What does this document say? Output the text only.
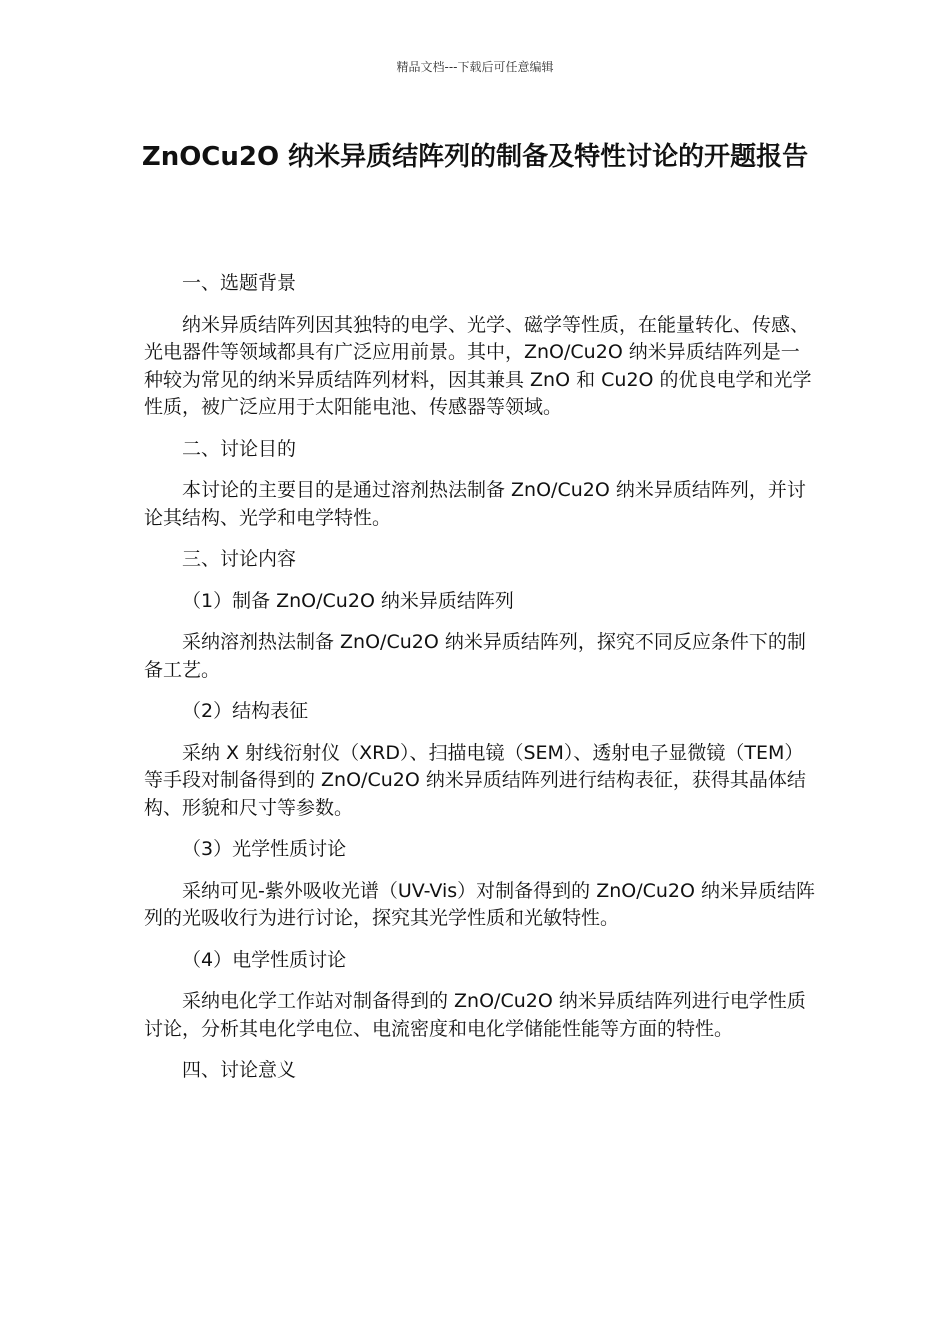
精品文档---下载后可任意编辑
ZnOCu2O 纳米异质结阵列的制备及特性讨论的开题报告

一、选题背景

纳米异质结阵列因其独特的电学、光学、磁学等性质，在能量转化、传感、光电器件等领域都具有广泛应用前景。其中，ZnO/Cu2O 纳米异质结阵列是一种较为常见的纳米异质结阵列材料，因其兼具 ZnO 和 Cu2O 的优良电学和光学性质，被广泛应用于太阳能电池、传感器等领域。

二、讨论目的

本讨论的主要目的是通过溶剂热法制备 ZnO/Cu2O 纳米异质结阵列，并讨论其结构、光学和电学特性。

三、讨论内容

（1）制备 ZnO/Cu2O 纳米异质结阵列

采纳溶剂热法制备 ZnO/Cu2O 纳米异质结阵列，探究不同反应条件下的制备工艺。

（2）结构表征

采纳 X 射线衍射仪（XRD）、扫描电镜（SEM）、透射电子显微镜（TEM）等手段对制备得到的 ZnO/Cu2O 纳米异质结阵列进行结构表征，获得其晶体结构、形貌和尺寸等参数。

（3）光学性质讨论

采纳可见-紫外吸收光谱（UV-Vis）对制备得到的 ZnO/Cu2O 纳米异质结阵列的光吸收行为进行讨论，探究其光学性质和光敏特性。

（4）电学性质讨论

采纳电化学工作站对制备得到的 ZnO/Cu2O 纳米异质结阵列进行电学性质讨论，分析其电化学电位、电流密度和电化学储能性能等方面的特性。

四、讨论意义
